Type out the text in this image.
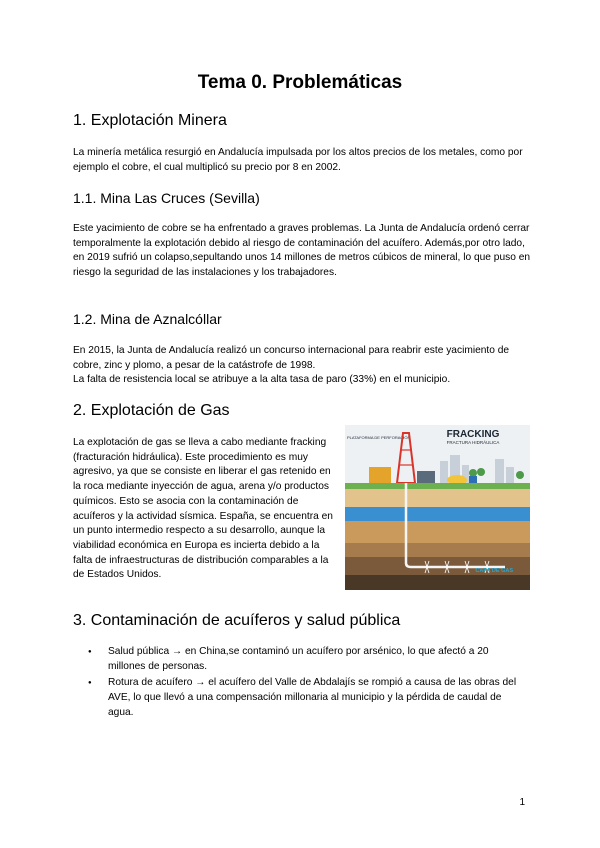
Tema 0. Problemáticas
1. Explotación Minera

La minería metálica resurgió en Andalucía impulsada por los altos precios de los metales, como por ejemplo el cobre, el cual multiplicó su precio por 8 en 2002.

1.1. Mina Las Cruces (Sevilla)

Este yacimiento de cobre se ha enfrentado a graves problemas. La Junta de Andalucía ordenó cerrar temporalmente la explotación debido al riesgo de contaminación del acuífero. Además,por otro lado, en 2019 sufrió un colapso,sepultando unos 14 millones de metros cúbicos de mineral, lo que puso en riesgo la seguridad de las instalaciones y los trabajadores.

1.2. Mina de Aznalcóllar

En 2015, la Junta de Andalucía realizó un concurso internacional para reabrir este yacimiento de cobre, zinc y plomo, a pesar de la catástrofe de 1998.

La falta de resistencia local se atribuye a la alta tasa de paro (33%) en el municipio.

2. Explotación de Gas

La explotación de gas se lleva a cabo mediante fracking (fracturación hidráulica). Este procedimiento es muy agresivo, ya que se consiste en liberar el gas retenido en la roca mediante inyección de agua, arena y/o productos químicos. Esto se asocia con la contaminación de acuíferos y la actividad sísmica. España, se encuentra en un punto intermedio respecto a su desarrollo, aunque la viabilidad económica en Europa es incierta debido a la falta de infraestructuras de distribución comparables a la de Estados Unidos.

FRACKING
FRACTURA HIDRÁULICA
PLATAFORMA DE PERFORACIÓN
CAPA DE GAS
3. Contaminación de acuíferos y salud pública
● Salud pública → en China,se contaminó un acuífero por arsénico, lo que afectó a 20 millones de personas.
● Rotura de acuífero → el acuífero del Valle de Abdalajís se rompió a causa de las obras del AVE, lo que llevó a una compensación millonaria al municipio y la pérdida de caudal de agua.
1
